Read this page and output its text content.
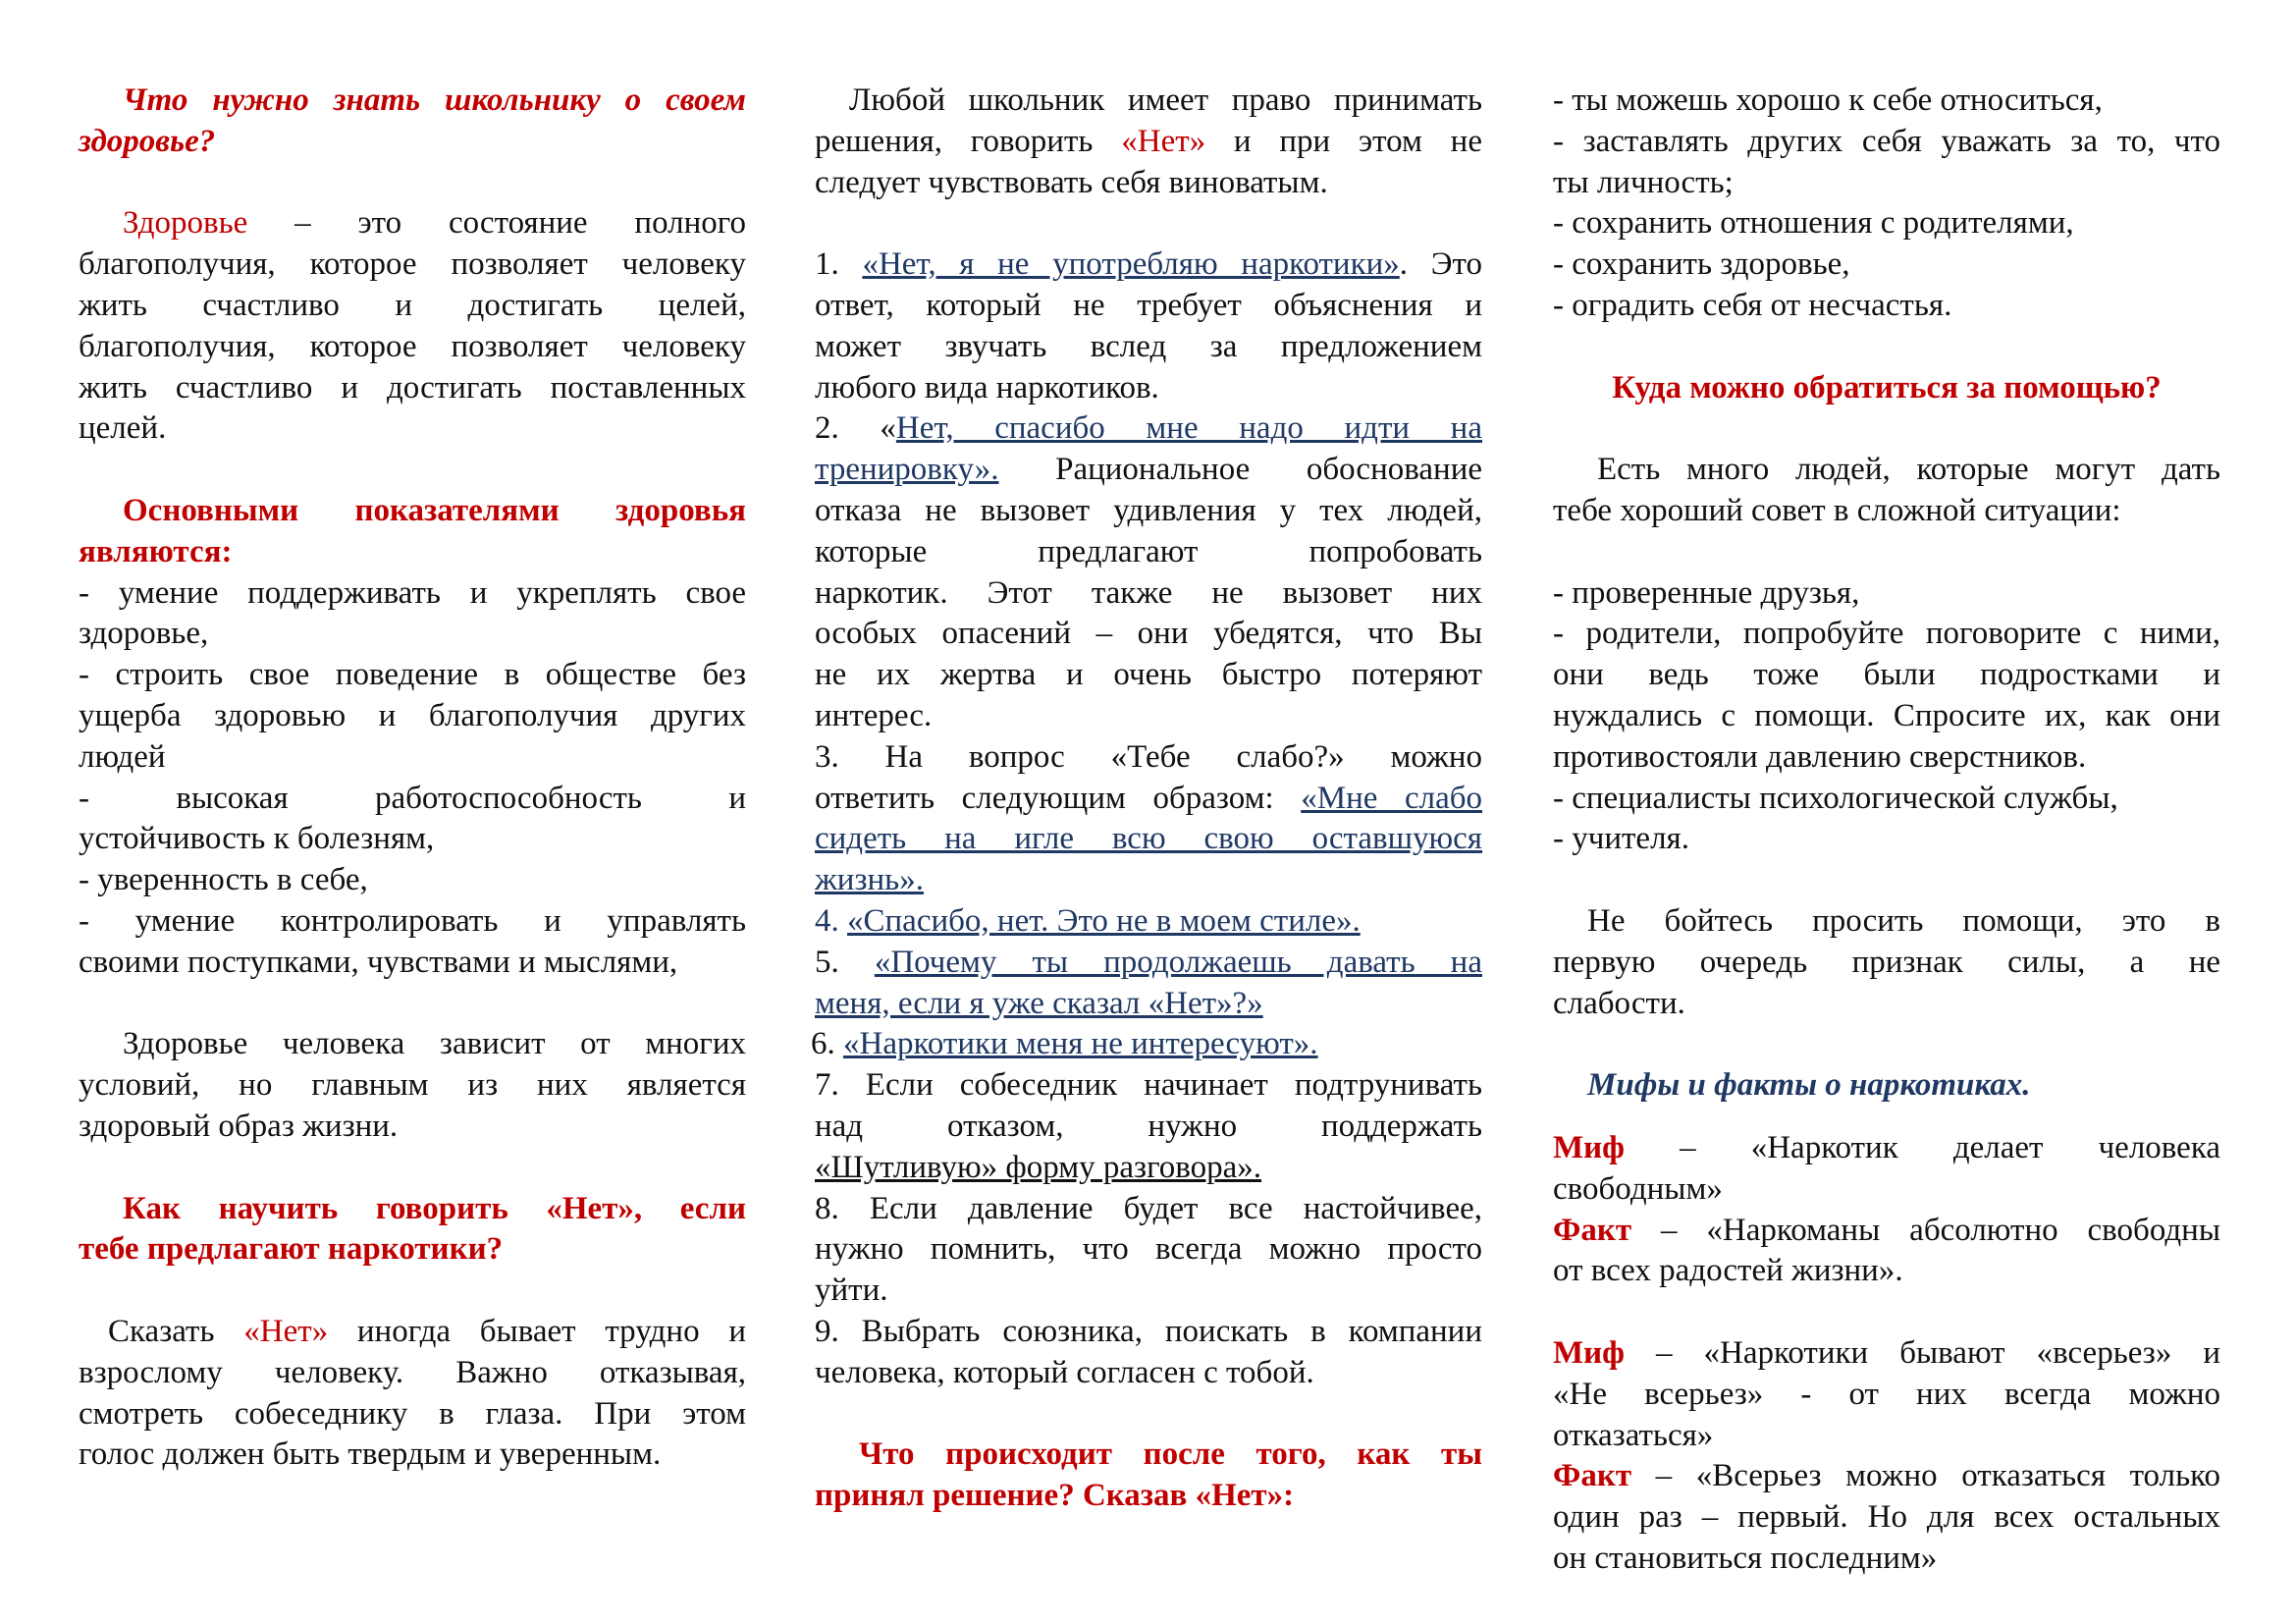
Что нужно знать школьнику о своем

здоровье?

Здоровье – это состояние полного

благополучия, которое позволяет человеку

жить счастливо и достигать целей,

благополучия, которое позволяет человеку

жить счастливо и достигать поставленных

целей.

Основными показателями здоровья

являются:

- умение поддерживать и укреплять свое

здоровье,

- строить свое поведение в обществе без

ущерба здоровью и благополучия других

людей

- высокая работоспособность и

устойчивость к болезням,

- уверенность в себе,

- умение контролировать и управлять

своими поступками, чувствами и мыслями,

Здоровье человека зависит от многих

условий, но главным из них является

здоровый образ жизни.

Как научить говорить «Нет», если

тебе предлагают наркотики?

Сказать «Нет» иногда бывает трудно и

взрослому человеку. Важно отказывая,

смотреть собеседнику в глаза. При этом

голос должен быть твердым и уверенным.

Любой школьник имеет право принимать

решения, говорить «Нет» и при этом не

следует чувствовать себя виноватым.

1. «Нет, я не употребляю наркотики». Это

ответ, который не требует объяснения и

может звучать вслед за предложением

любого вида наркотиков.

2. «Нет, спасибо мне надо идти на

тренировку». Рациональное обоснование

отказа не вызовет удивления у тех людей,

которые предлагают попробовать

наркотик. Этот также не вызовет них

особых опасений – они убедятся, что Вы

не их жертва и очень быстро потеряют

интерес.

3. На вопрос «Тебе слабо?» можно

ответить следующим образом: «Мне слабо

сидеть на игле всю свою оставшуюся

жизнь».

4. «Спасибо, нет. Это не в моем стиле».

5. «Почему ты продолжаешь давать на

меня, если я уже сказал «Нет»?»

6. «Наркотики меня не интересуют».

7. Если собеседник начинает подтрунивать

над отказом, нужно поддержать

«Шутливую» форму разговора».

8. Если давление будет все настойчивее,

нужно помнить, что всегда можно просто

уйти.

9. Выбрать союзника, поискать в компании

человека, который согласен с тобой.

Что происходит после того, как ты

принял решение? Сказав «Нет»:

- ты можешь хорошо к себе относиться,

- заставлять других себя уважать за то, что

ты личность;

- сохранить отношения с родителями,

- сохранить здоровье,

- оградить себя от несчастья.

Куда можно обратиться за помощью?

Есть много людей, которые могут дать

тебе хороший совет в сложной ситуации:

- проверенные друзья,

- родители, попробуйте поговорите с ними,

они ведь тоже были подростками и

нуждались с помощи. Спросите их, как они

противостояли давлению сверстников.

- специалисты психологической службы,

- учителя.

Не бойтесь просить помощи, это в

первую очередь признак силы, а не

слабости.

Мифы и факты о наркотиках.

Миф – «Наркотик делает человека

свободным»

Факт – «Наркоманы абсолютно свободны

от всех радостей жизни».

Миф – «Наркотики бывают «всерьез» и

«Не всерьез» - от них всегда можно

отказаться»

Факт – «Всерьез можно отказаться только

один раз – первый. Но для всех остальных

он становиться последним»
